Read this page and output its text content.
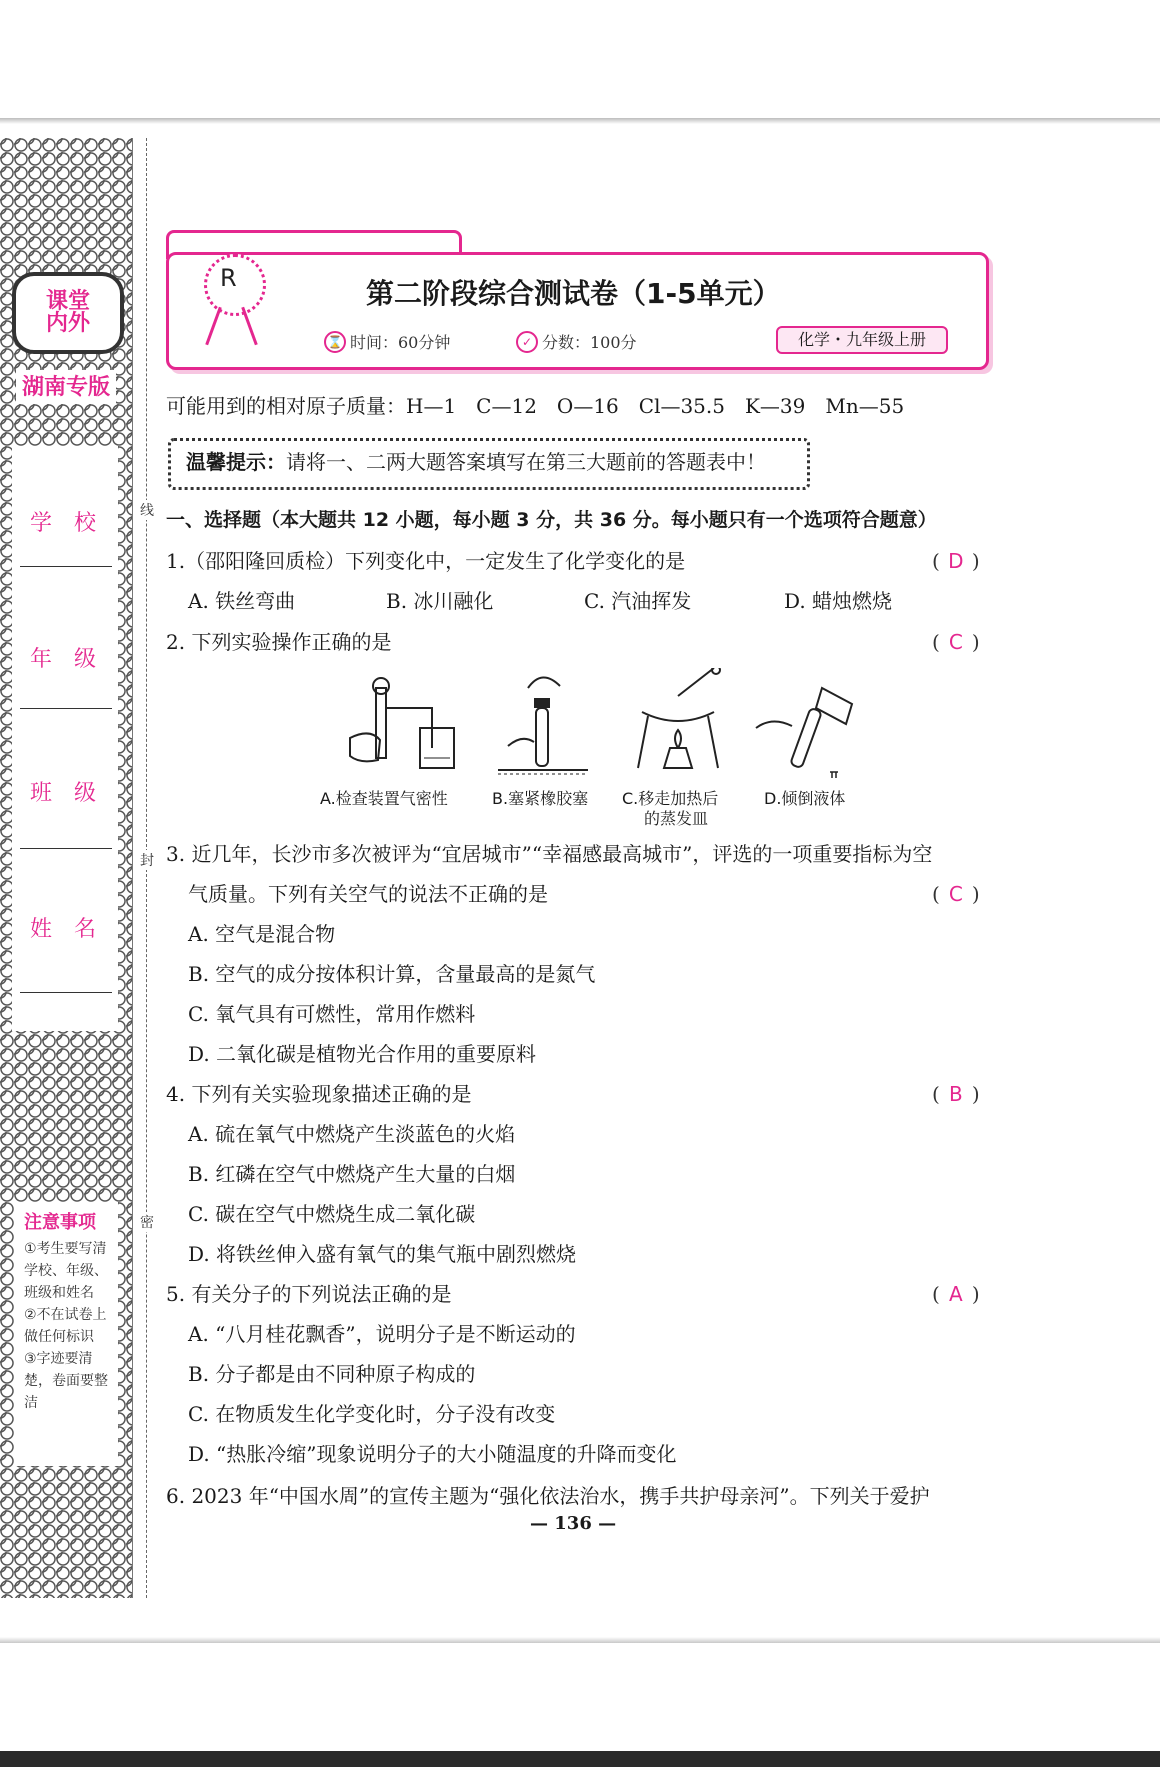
课堂
内外
湖南专版
学校
年级
班级
姓名
注意事项
①考生要写清学校、年级、班级和姓名
②不在试卷上做任何标识
③字迹要清楚，卷面要整洁
线
封
密
R	第二阶段综合测试卷（1-5单元）
⌛ 时间：60分钟	✓ 分数：100分	化学・九年级上册
可能用到的相对原子质量：H—1　C—12　O—16　Cl—35.5　K—39　Mn—55
温馨提示：请将一、二两大题答案填写在第三大题前的答题表中！
一、选择题（本大题共 12 小题，每小题 3 分，共 36 分。每小题只有一个选项符合题意）
1.（邵阳隆回质检）下列变化中，一定发生了化学变化的是	( D )
A. 铁丝弯曲	B. 冰川融化	C. 汽油挥发	D. 蜡烛燃烧
2. 下列实验操作正确的是	( C )
A.检查装置气密性	B.塞紧橡胶塞 C.移走加热后
的蒸发皿
D.倾倒液体
3. 近几年，长沙市多次被评为“宜居城市”“幸福感最高城市”，评选的一项重要指标为空
气质量。下列有关空气的说法不正确的是	( C )
A. 空气是混合物
B. 空气的成分按体积计算，含量最高的是氮气
C. 氧气具有可燃性，常用作燃料
D. 二氧化碳是植物光合作用的重要原料
4. 下列有关实验现象描述正确的是	( B )
A. 硫在氧气中燃烧产生淡蓝色的火焰
B. 红磷在空气中燃烧产生大量的白烟
C. 碳在空气中燃烧生成二氧化碳
D. 将铁丝伸入盛有氧气的集气瓶中剧烈燃烧
5. 有关分子的下列说法正确的是	( A )
A. “八月桂花飘香”，说明分子是不断运动的
B. 分子都是由不同种原子构成的
C. 在物质发生化学变化时，分子没有改变
D. “热胀冷缩”现象说明分子的大小随温度的升降而变化
6. 2023 年“中国水周”的宣传主题为“强化依法治水，携手共护母亲河”。下列关于爱护
— 136 —
